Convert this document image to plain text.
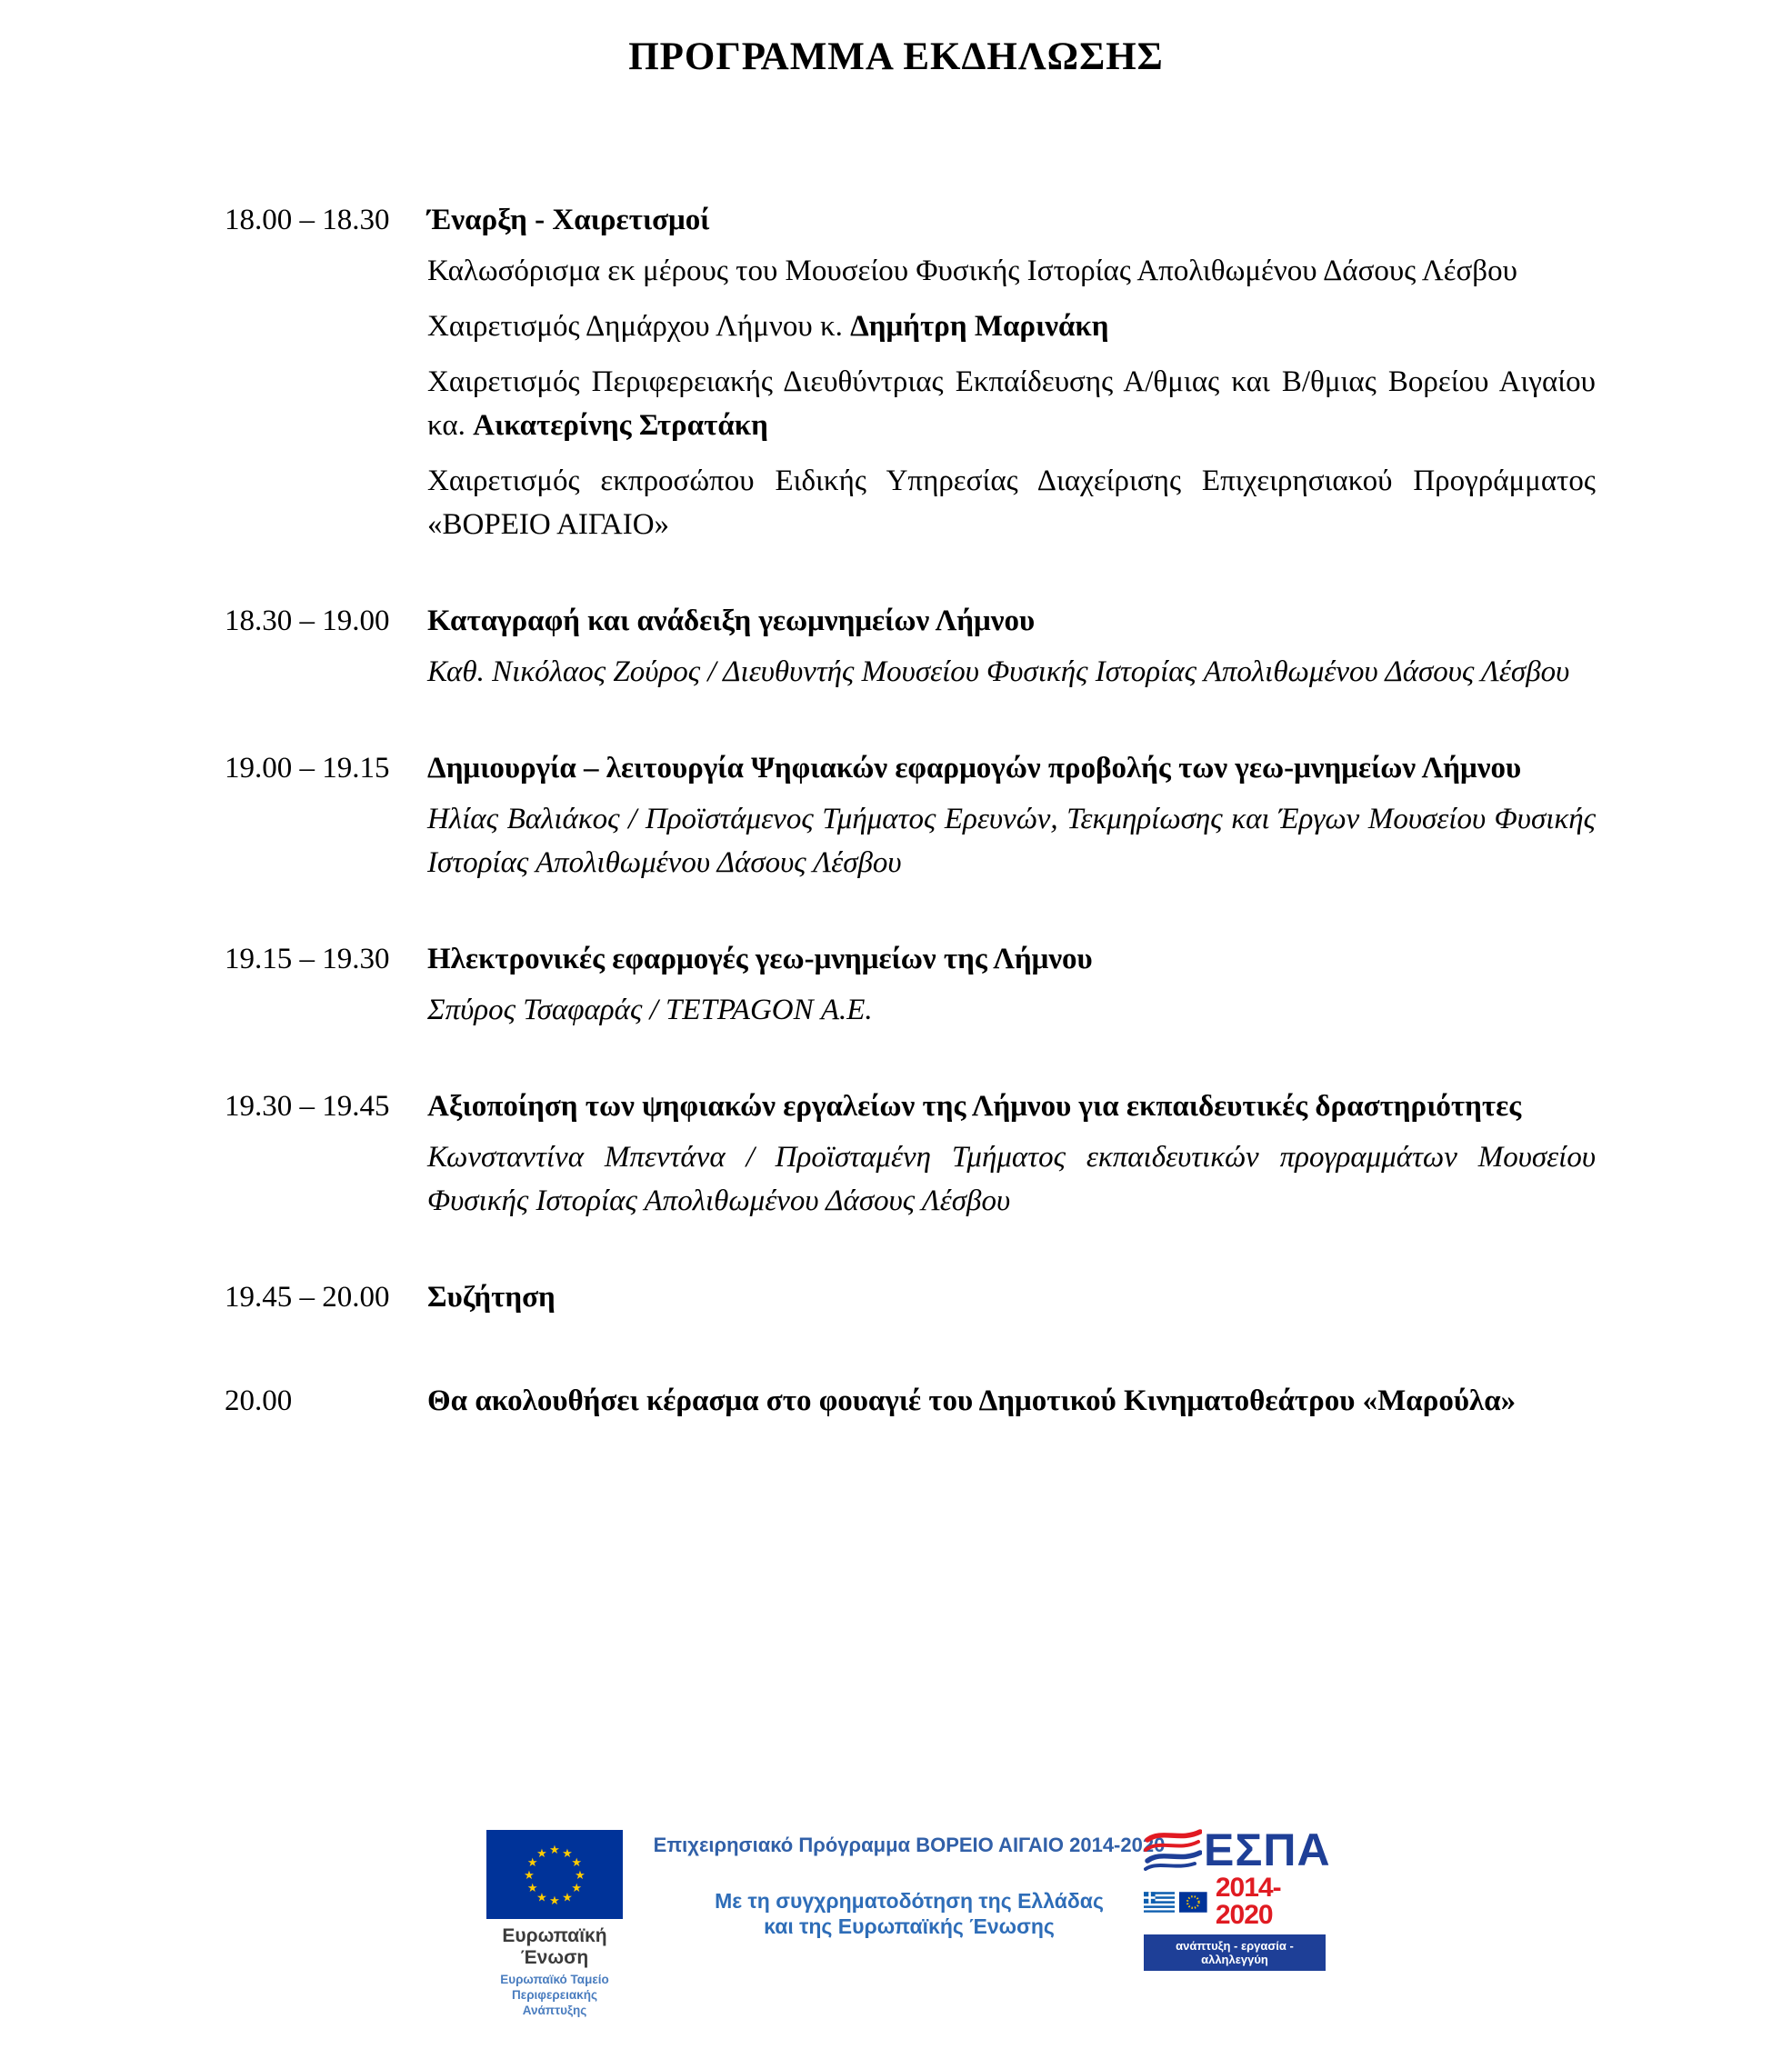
ΠΡΟΓΡΑΜΜΑ ΕΚΔΗΛΩΣΗΣ
18.00 – 18.30	Έναρξη - Χαιρετισμοί

Καλωσόρισμα εκ μέρους του Μουσείου Φυσικής Ιστορίας Απολιθωμένου Δάσους Λέσβου

Χαιρετισμός Δημάρχου Λήμνου κ. Δημήτρη Μαρινάκη

Χαιρετισμός Περιφερειακής Διευθύντριας Εκπαίδευσης Α/θμιας και Β/θμιας Βορείου Αιγαίου κα. Αικατερίνης Στρατάκη

Χαιρετισμός εκπροσώπου Ειδικής Υπηρεσίας Διαχείρισης Επιχειρησιακού Προγράμματος «ΒΟΡΕΙΟ ΑΙΓΑΙΟ»

18.30 – 19.00	Καταγραφή και ανάδειξη γεωμνημείων Λήμνου

Καθ. Νικόλαος Ζούρος / Διευθυντής Μουσείου Φυσικής Ιστορίας Απολιθωμένου Δάσους Λέσβου

19.00 – 19.15	Δημιουργία – λειτουργία Ψηφιακών εφαρμογών προβολής των γεω-μνημείων Λήμνου

Ηλίας Βαλιάκος / Προϊστάμενος Τμήματος Ερευνών, Τεκμηρίωσης και Έργων Μουσείου Φυσικής Ιστορίας Απολιθωμένου Δάσους Λέσβου

19.15 – 19.30	Ηλεκτρονικές εφαρμογές γεω-μνημείων της Λήμνου

Σπύρος Τσαφαράς / TETPAGON Α.Ε.

19.30 – 19.45	Αξιοποίηση των ψηφιακών εργαλείων της Λήμνου για εκπαιδευτικές δραστηριότητες

Κωνσταντίνα Μπεντάνα / Προϊσταμένη Τμήματος εκπαιδευτικών προγραμμάτων Μουσείου Φυσικής Ιστορίας Απολιθωμένου Δάσους Λέσβου

19.45 – 20.00	Συζήτηση

20.00	Θα ακολουθήσει κέρασμα στο φουαγιέ του Δημοτικού Κινηματοθεάτρου «Μαρούλα»

★ ★
★
★
★
★
★
★
★
★
★
★
Ευρωπαϊκή Ένωση
Ευρωπαϊκό Ταμείο
Περιφερειακής Ανάπτυξης
Επιχειρησιακό Πρόγραμμα ΒΟΡΕΙΟ ΑΙΓΑΙΟ 2014-2020
Με τη συγχρηματοδότηση της Ελλάδας
και της Ευρωπαϊκής Ένωσης
ΕΣΠΑ
2014-2020
ανάπτυξη - εργασία - αλληλεγγύη
